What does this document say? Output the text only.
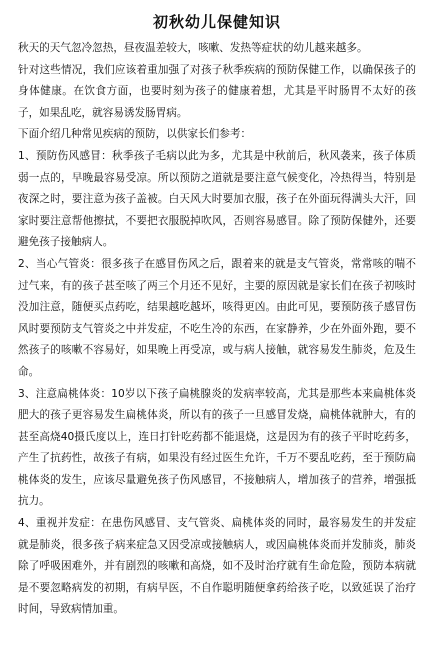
初秋幼儿保健知识

秋天的天气忽冷忽热，昼夜温差较大，咳嗽、发热等症状的幼儿越来越多。

针对这些情况，我们应该着重加强了对孩子秋季疾病的预防保健工作，以确保孩子的身体健康。在饮食方面，也要时刻为孩子的健康着想，尤其是平时肠胃不太好的孩子，如果乱吃，就容易诱发肠胃病。

下面介绍几种常见疾病的预防，以供家长们参考：

1、预防伤风感冒：秋季孩子毛病以此为多，尤其是中秋前后，秋风袭来，孩子体质弱一点的，早晚最容易受凉。所以预防之道就是要注意气候变化，冷热得当，特别是夜深之时，要注意为孩子盖被。白天风大时要加衣服，孩子在外面玩得满头大汗，回家时要注意帮他擦拭，不要把衣服脱掉吹风，否则容易感冒。除了预防保健外，还要避免孩子接触病人。

2、当心气管炎：很多孩子在感冒伤风之后，跟着来的就是支气管炎，常常咳的喘不过气来，有的孩子甚至咳了两三个月还不见好，主要的原因就是家长们在孩子初咳时没加注意，随便买点药吃，结果越吃越坏，咳得更凶。由此可见，要预防孩子感冒伤风时要预防支气管炎之中并发症，不吃生冷的东西，在家静养，少在外面外跑，要不然孩子的咳嗽不容易好，如果晚上再受凉，或与病人接触，就容易发生肺炎，危及生命。

3、注意扁桃体炎：10岁以下孩子扁桃腺炎的发病率较高，尤其是那些本来扁桃体炎肥大的孩子更容易发生扁桃体炎，所以有的孩子一旦感冒发烧，扁桃体就肿大，有的甚至高烧40摄氏度以上，连日打针吃药都不能退烧，这是因为有的孩子平时吃药多，产生了抗药性，故孩子有病，如果没有经过医生允许，千万不要乱吃药，至于预防扁桃体炎的发生，应该尽量避免孩子伤风感冒，不接触病人，增加孩子的营养，增强抵抗力。

4、重视并发症：在患伤风感冒、支气管炎、扁桃体炎的同时，最容易发生的并发症就是肺炎，很多孩子病来症急又因受凉或接触病人，或因扁桃体炎而并发肺炎，肺炎除了呼吸困难外，并有剧烈的咳嗽和高烧，如不及时治疗就有生命危险，预防本病就是不要忽略病发的初期，有病早医，不自作聪明随便拿药给孩子吃，以致延误了治疗时间，导致病情加重。
